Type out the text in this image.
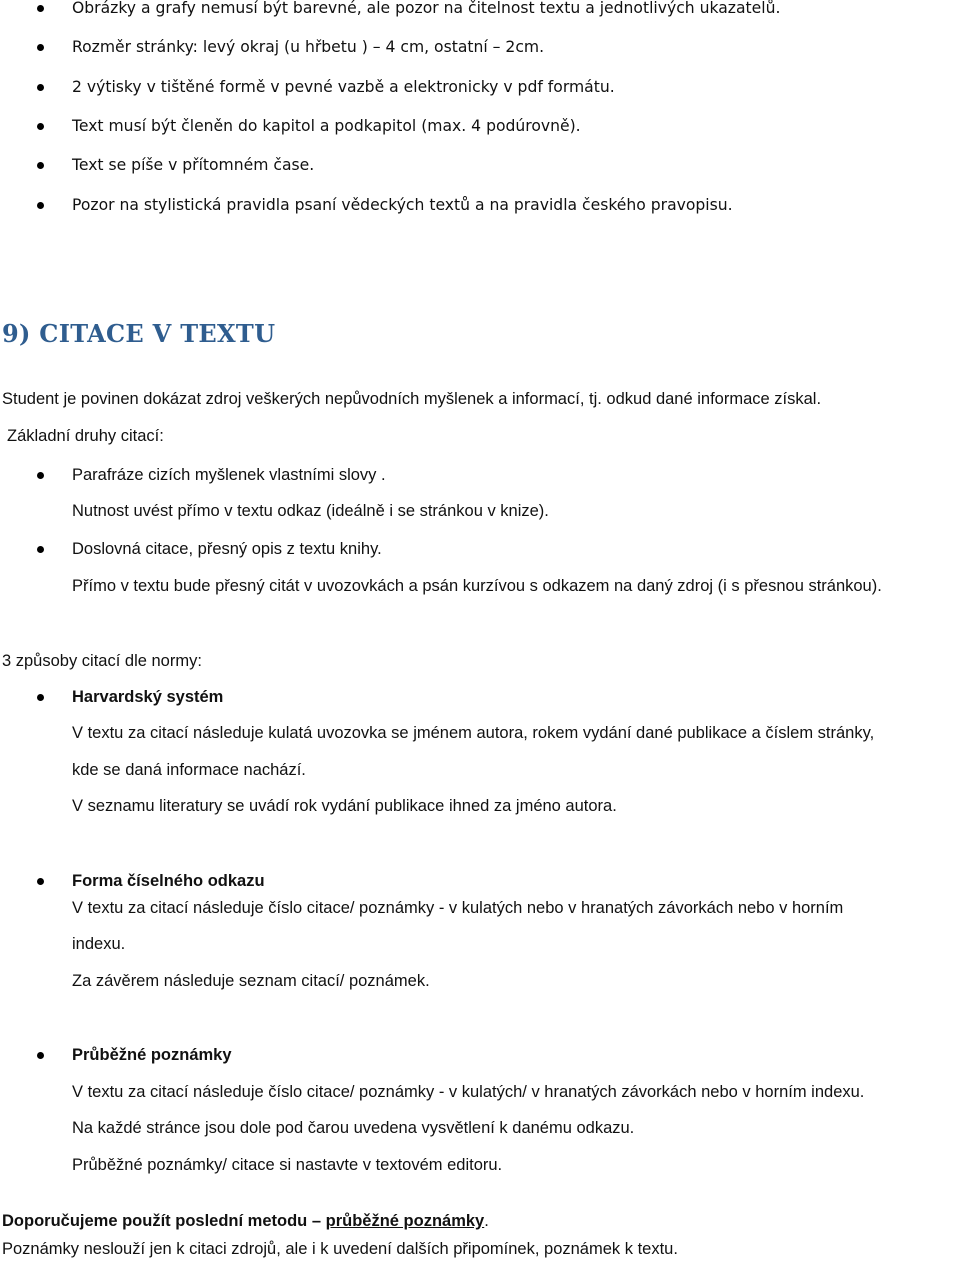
Obrázky a grafy nemusí být barevné, ale pozor na čitelnost textu a jednotlivých ukazatelů.
Rozměr stránky: levý okraj (u hřbetu ) – 4 cm, ostatní – 2cm.
2 výtisky v tištěné formě v pevné vazbě a elektronicky v pdf formátu.
Text musí být členěn do kapitol a podkapitol (max. 4 podúrovně).
Text se píše v přítomném čase.
Pozor na stylistická pravidla psaní vědeckých textů a na pravidla českého pravopisu.
9) CITACE V TEXTU
Student je povinen dokázat zdroj veškerých nepůvodních myšlenek a informací, tj. odkud dané informace získal.
Základní druhy citací:
Parafráze cizích myšlenek vlastními slovy .
Nutnost uvést přímo v textu odkaz (ideálně i se stránkou v knize).
Doslovná citace, přesný opis z textu knihy.
Přímo v textu bude přesný citát v uvozovkách a psán kurzívou s odkazem na daný zdroj (i s přesnou stránkou).
3 způsoby citací dle normy:
Harvardský systém
V textu za citací následuje kulatá uvozovka se jménem autora, rokem vydání dané publikace a číslem stránky,
kde se daná informace nachází.
V seznamu literatury se uvádí rok vydání publikace ihned za jméno autora.
Forma číselného odkazu
V textu za citací následuje číslo citace/ poznámky - v kulatých nebo v hranatých závorkách nebo v horním
indexu.
Za závěrem následuje seznam citací/ poznámek.
Průběžné poznámky
V textu za citací následuje číslo citace/ poznámky - v kulatých/ v hranatých závorkách nebo v horním indexu.
Na každé stránce jsou dole pod čarou uvedena vysvětlení k danému odkazu.
Průběžné poznámky/ citace si nastavte v textovém editoru.
Doporučujeme použít poslední metodu – průběžné poznámky.
Poznámky neslouží jen k citaci zdrojů, ale i k uvedení dalších připomínek, poznámek k textu.
